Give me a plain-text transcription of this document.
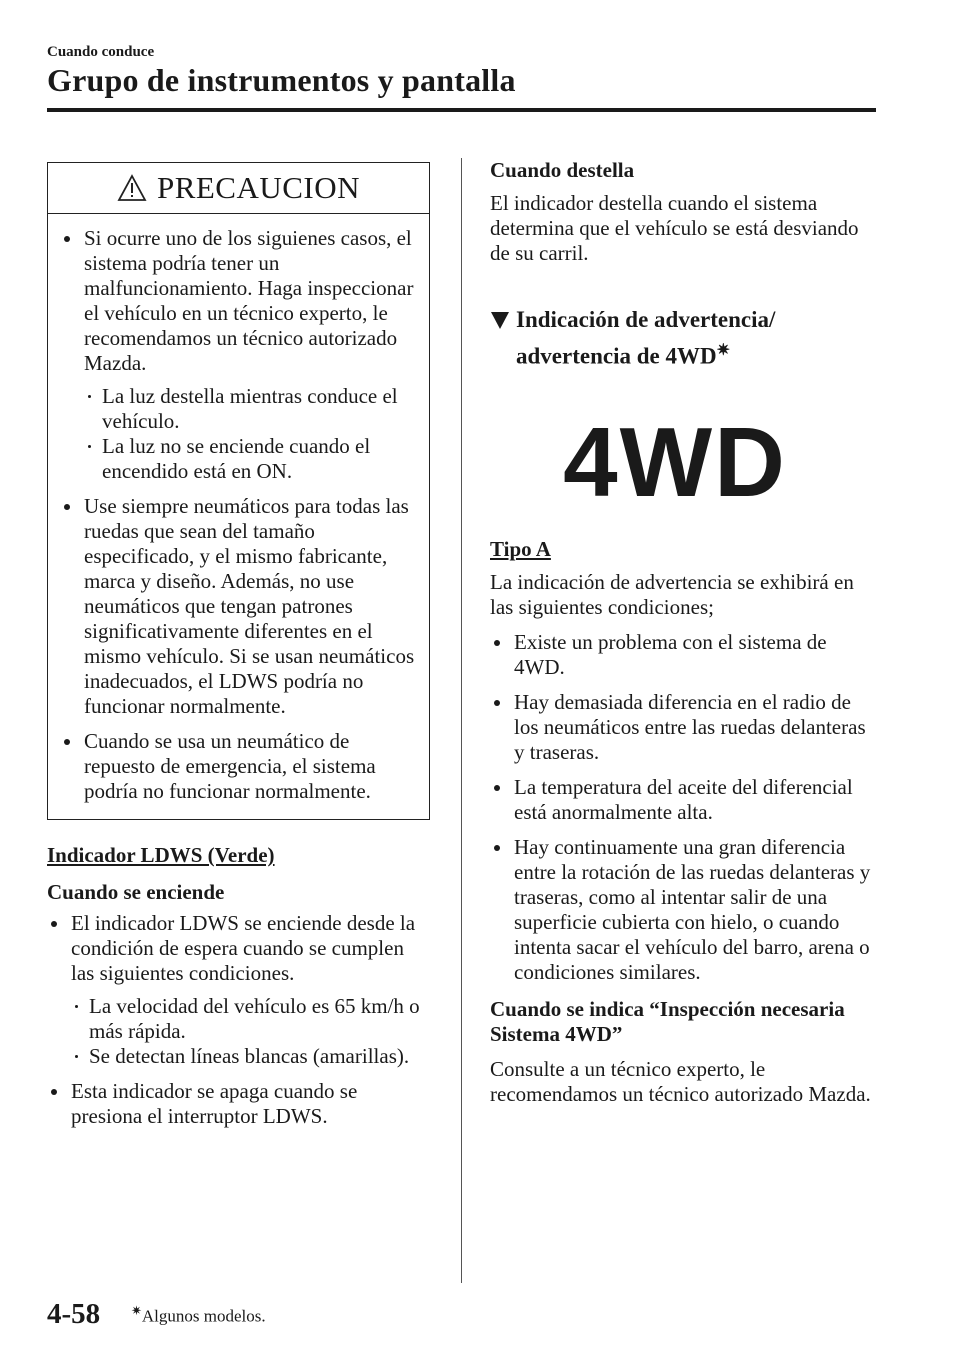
Cuando conduce
Grupo de instrumentos y pantalla
PRECAUCION
Si ocurre uno de los siguienes casos, el sistema podría tener un malfuncionamiento. Haga inspeccionar el vehículo en un técnico experto, le recomendamos un técnico autorizado Mazda.
La luz destella mientras conduce el vehículo.
La luz no se enciende cuando el encendido está en ON.
Use siempre neumáticos para todas las ruedas que sean del tamaño especificado, y el mismo fabricante, marca y diseño. Además, no use neumáticos que tengan patrones significativamente diferentes en el mismo vehículo. Si se usan neumáticos inadecuados, el LDWS podría no funcionar normalmente.
Cuando se usa un neumático de repuesto de emergencia, el sistema podría no funcionar normalmente.
Indicador LDWS (Verde)
Cuando se enciende
El indicador LDWS se enciende desde la condición de espera cuando se cumplen las siguientes condiciones.
La velocidad del vehículo es 65 km/h o más rápida.
Se detectan líneas blancas (amarillas).
Esta indicador se apaga cuando se presiona el interruptor LDWS.
Cuando destella
El indicador destella cuando el sistema determina que el vehículo se está desviando de su carril.
Indicación de advertencia/
advertencia de 4WD✷
4WD
Tipo A
La indicación de advertencia se exhibirá en las siguientes condiciones;
Existe un problema con el sistema de 4WD.
Hay demasiada diferencia en el radio de los neumáticos entre las ruedas delanteras y traseras.
La temperatura del aceite del diferencial está anormalmente alta.
Hay continuamente una gran diferencia entre la rotación de las ruedas delanteras y traseras, como al intentar salir de una superficie cubierta con hielo, o cuando intenta sacar el vehículo del barro, arena o condiciones similares.
Cuando se indica “Inspección necesaria Sistema 4WD”
Consulte a un técnico experto, le recomendamos un técnico autorizado Mazda.
4-58 ✷Algunos modelos.
